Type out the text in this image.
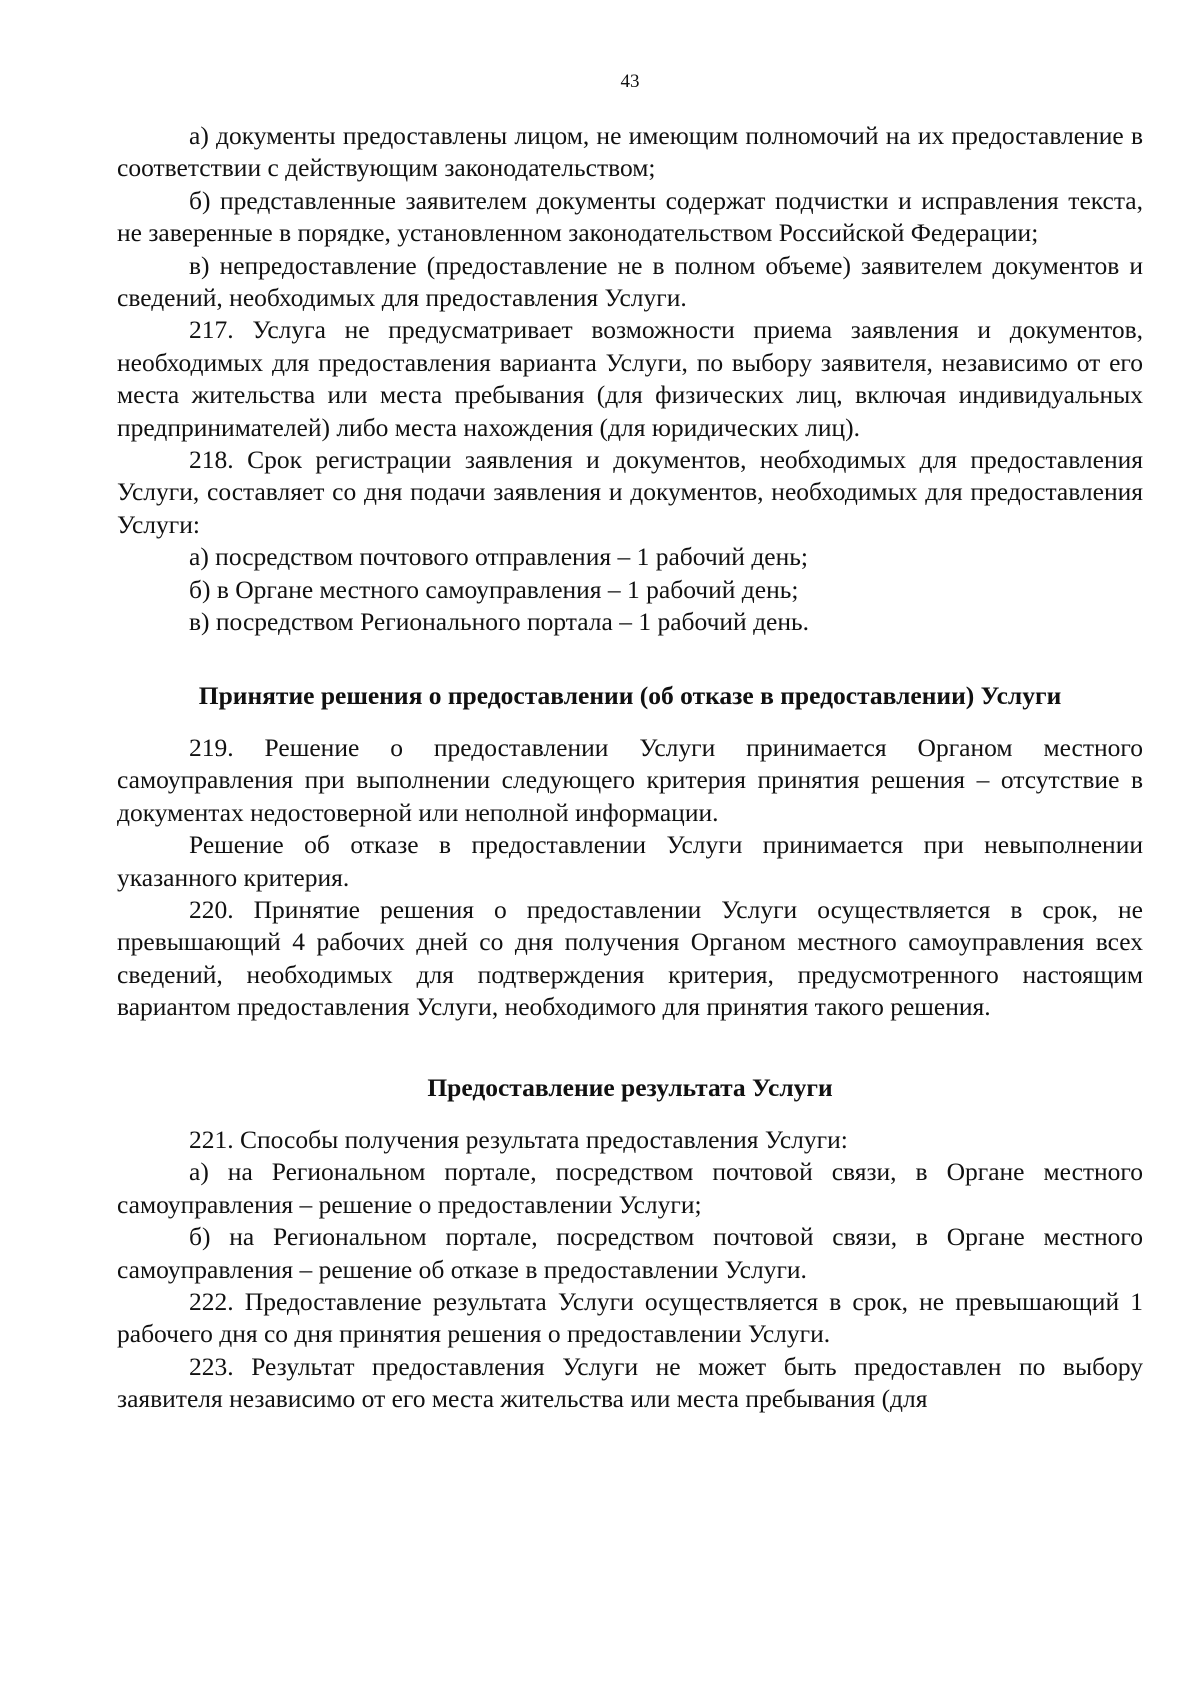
43

а) документы предоставлены лицом, не имеющим полномочий на их предоставление в соответствии с действующим законодательством;

б) представленные заявителем документы содержат подчистки и исправления текста, не заверенные в порядке, установленном законодательством Российской Федерации;

в) непредоставление (предоставление не в полном объеме) заявителем документов и сведений, необходимых для предоставления Услуги.

217. Услуга не предусматривает возможности приема заявления и документов, необходимых для предоставления варианта Услуги, по выбору заявителя, независимо от его места жительства или места пребывания (для физических лиц, включая индивидуальных предпринимателей) либо места нахождения (для юридических лиц).

218. Срок регистрации заявления и документов, необходимых для предоставления Услуги, составляет со дня подачи заявления и документов, необходимых для предоставления Услуги:

а) посредством почтового отправления – 1 рабочий день;

б) в Органе местного самоуправления – 1 рабочий день;

в) посредством Регионального портала – 1 рабочий день.

Принятие решения о предоставлении (об отказе в предоставлении) Услуги

219. Решение о предоставлении Услуги принимается Органом местного самоуправления при выполнении следующего критерия принятия решения – отсутствие в документах недостоверной или неполной информации.

Решение об отказе в предоставлении Услуги принимается при невыполнении указанного критерия.

220. Принятие решения о предоставлении Услуги осуществляется в срок, не превышающий 4 рабочих дней со дня получения Органом местного самоуправления всех сведений, необходимых для подтверждения критерия, предусмотренного настоящим вариантом предоставления Услуги, необходимого для принятия такого решения.

Предоставление результата Услуги

221. Способы получения результата предоставления Услуги:

а) на Региональном портале, посредством почтовой связи, в Органе местного самоуправления – решение о предоставлении Услуги;

б) на Региональном портале, посредством почтовой связи, в Органе местного самоуправления – решение об отказе в предоставлении Услуги.

222. Предоставление результата Услуги осуществляется в срок, не превышающий 1 рабочего дня со дня принятия решения о предоставлении Услуги.

223. Результат предоставления Услуги не может быть предоставлен по выбору заявителя независимо от его места жительства или места пребывания (для
